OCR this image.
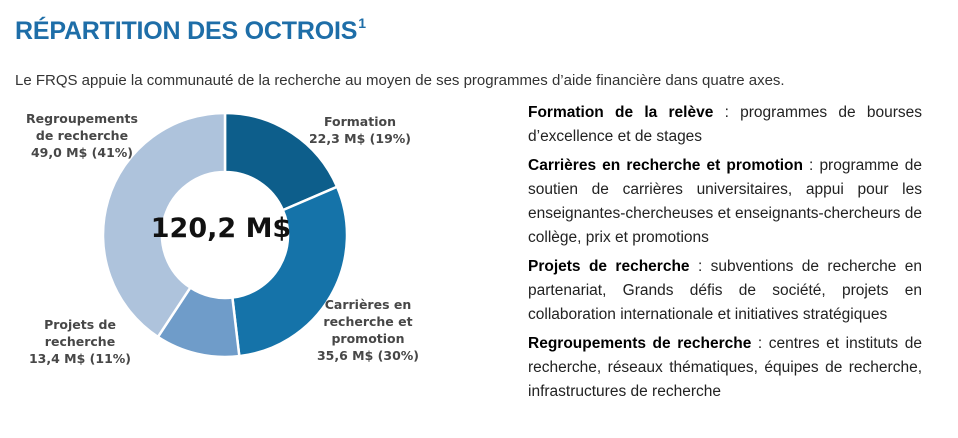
RÉPARTITION DES OCTROIS$^1$
Le FRQS appuie la communauté de la recherche au moyen de ses programmes d’aide financière dans quatre axes.
120,2 M$
Formation 22,3 M$ (19%)
Carrières en recherche et promotion 35,6 M$ (30%)
Projets de recherche 13,4 M$ (11%)
Regroupements de recherche 49,0 M$ (41%)

Formation de la relève : programmes de bourses d’excellence et de stages

Carrières en recherche et promotion : programme de soutien de carrières universitaires, appui pour les enseignantes-chercheuses et enseignants-chercheurs de collège, prix et promotions

Projets de recherche : subventions de recherche en partenariat, Grands défis de société, projets en collaboration internationale et initiatives stratégiques

Regroupements de recherche : centres et instituts de recherche, réseaux thématiques, équipes de recherche, infrastructures de recherche
